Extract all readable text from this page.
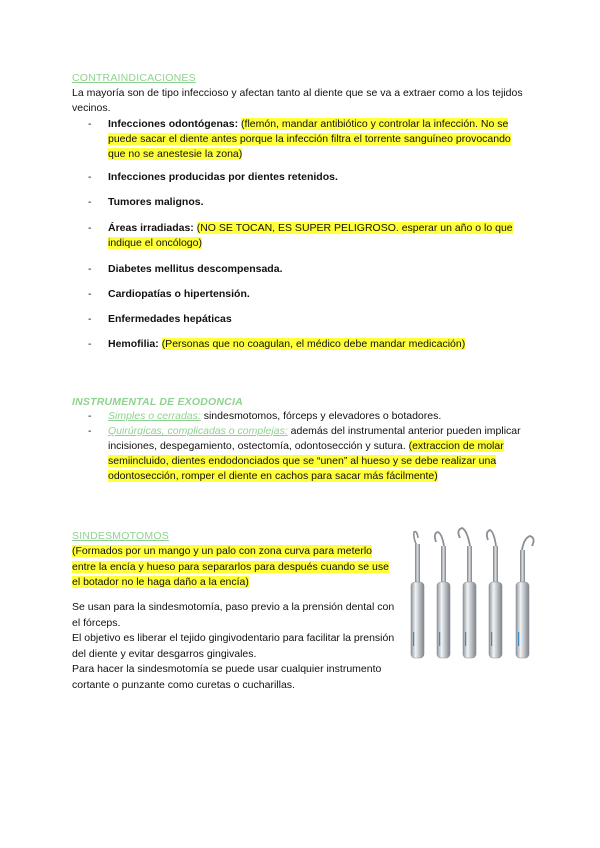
CONTRAINDICACIONES
La mayoría son de tipo infeccioso y afectan tanto al diente que se va a extraer como a los tejidos vecinos.
- Infecciones odontógenas: (flemón, mandar antibiótico y controlar la infección. No se puede sacar el diente antes porque la infección filtra el torrente sanguíneo provocando que no se anestesie la zona)
- Infecciones producidas por dientes retenidos.
- Tumores malignos.
- Áreas irradiadas: (NO SE TOCAN, ES SUPER PELIGROSO. esperar un año o lo que indique el oncólogo)
- Diabetes mellitus descompensada.
- Cardiopatías o hipertensión.
- Enfermedades hepáticas
- Hemofilia: (Personas que no coagulan, el médico debe mandar medicación)
INSTRUMENTAL DE EXODONCIA
- Simples o cerradas: sindesmotomos, fórceps y elevadores o botadores.
- Quirúrgicas, complicadas o complejas: además del instrumental anterior pueden implicar incisiones, despegamiento, ostectomía, odontosección y sutura. (extraccion de molar semiincluido, dientes endodonciados que se “unen” al hueso y se debe realizar una odontosección, romper el diente en cachos para sacar más fácilmente)
SINDESMOTOMOS
(Formados por un mango y un palo con zona curva para meterlo entre la encía y hueso para separarlos para después cuando se use el botador no le haga daño a la encía)
Se usan para la sindesmotomía, paso previo a la prensión dental con el fórceps.
El objetivo es liberar el tejido gingivodentario para facilitar la prensión del diente y evitar desgarros gingivales.
Para hacer la sindesmotomía se puede usar cualquier instrumento cortante o punzante como curetas o cucharillas.
